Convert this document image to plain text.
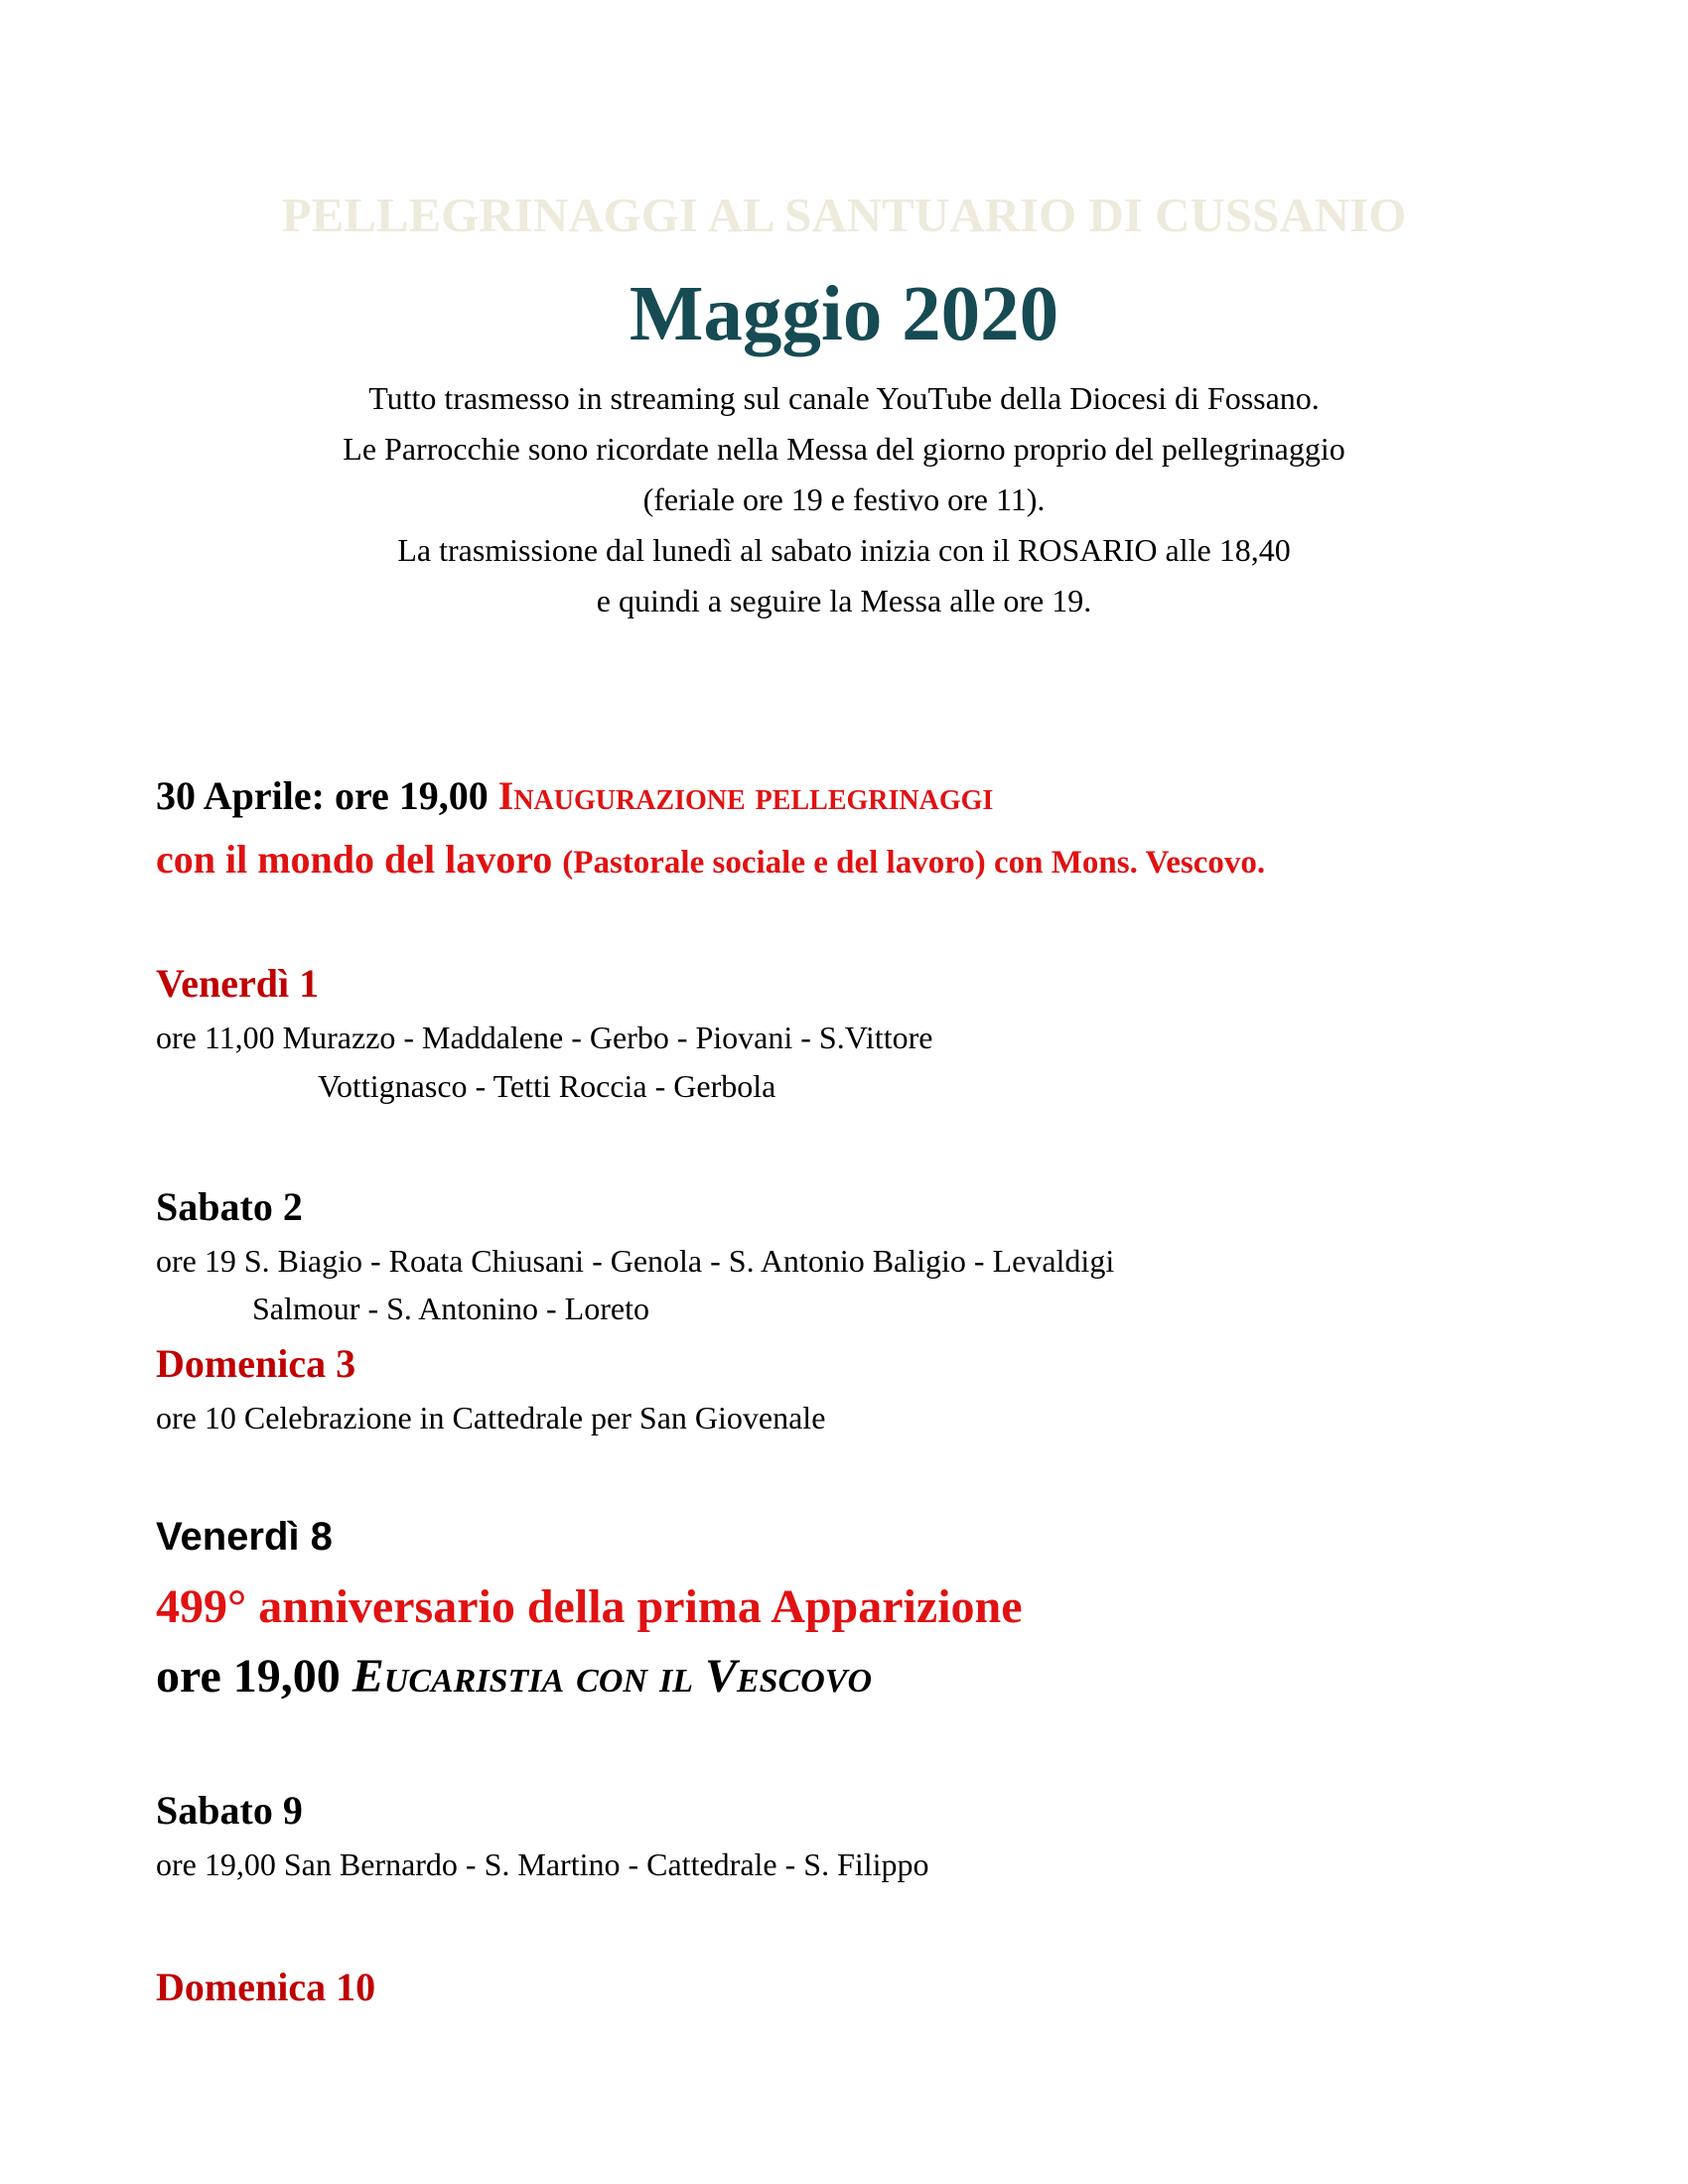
PELLEGRINAGGI AL SANTUARIO DI CUSSANIO
Maggio 2020
Tutto trasmesso in streaming sul canale YouTube della Diocesi di Fossano.
Le Parrocchie sono ricordate nella Messa del giorno proprio del pellegrinaggio
(feriale ore 19 e festivo ore 11).
La trasmissione dal lunedì al sabato inizia con il ROSARIO alle 18,40
e quindi a seguire la Messa alle ore 19.
30 Aprile: ore 19,00 Inaugurazione pellegrinaggi
con il mondo del lavoro (Pastorale sociale e del lavoro) con Mons. Vescovo.
Venerdì 1
ore 11,00 Murazzo - Maddalene - Gerbo - Piovani - S.Vittore
Vottignasco - Tetti Roccia - Gerbola
Sabato 2
ore 19 S. Biagio - Roata Chiusani - Genola - S. Antonio Baligio - Levaldigi
Salmour - S. Antonino - Loreto
Domenica 3
ore 10 Celebrazione in Cattedrale per San Giovenale
Venerdì 8
499° anniversario della prima Apparizione
ore 19,00 Eucaristia con il Vescovo
Sabato 9
ore 19,00 San Bernardo - S. Martino - Cattedrale - S. Filippo
Domenica 10
